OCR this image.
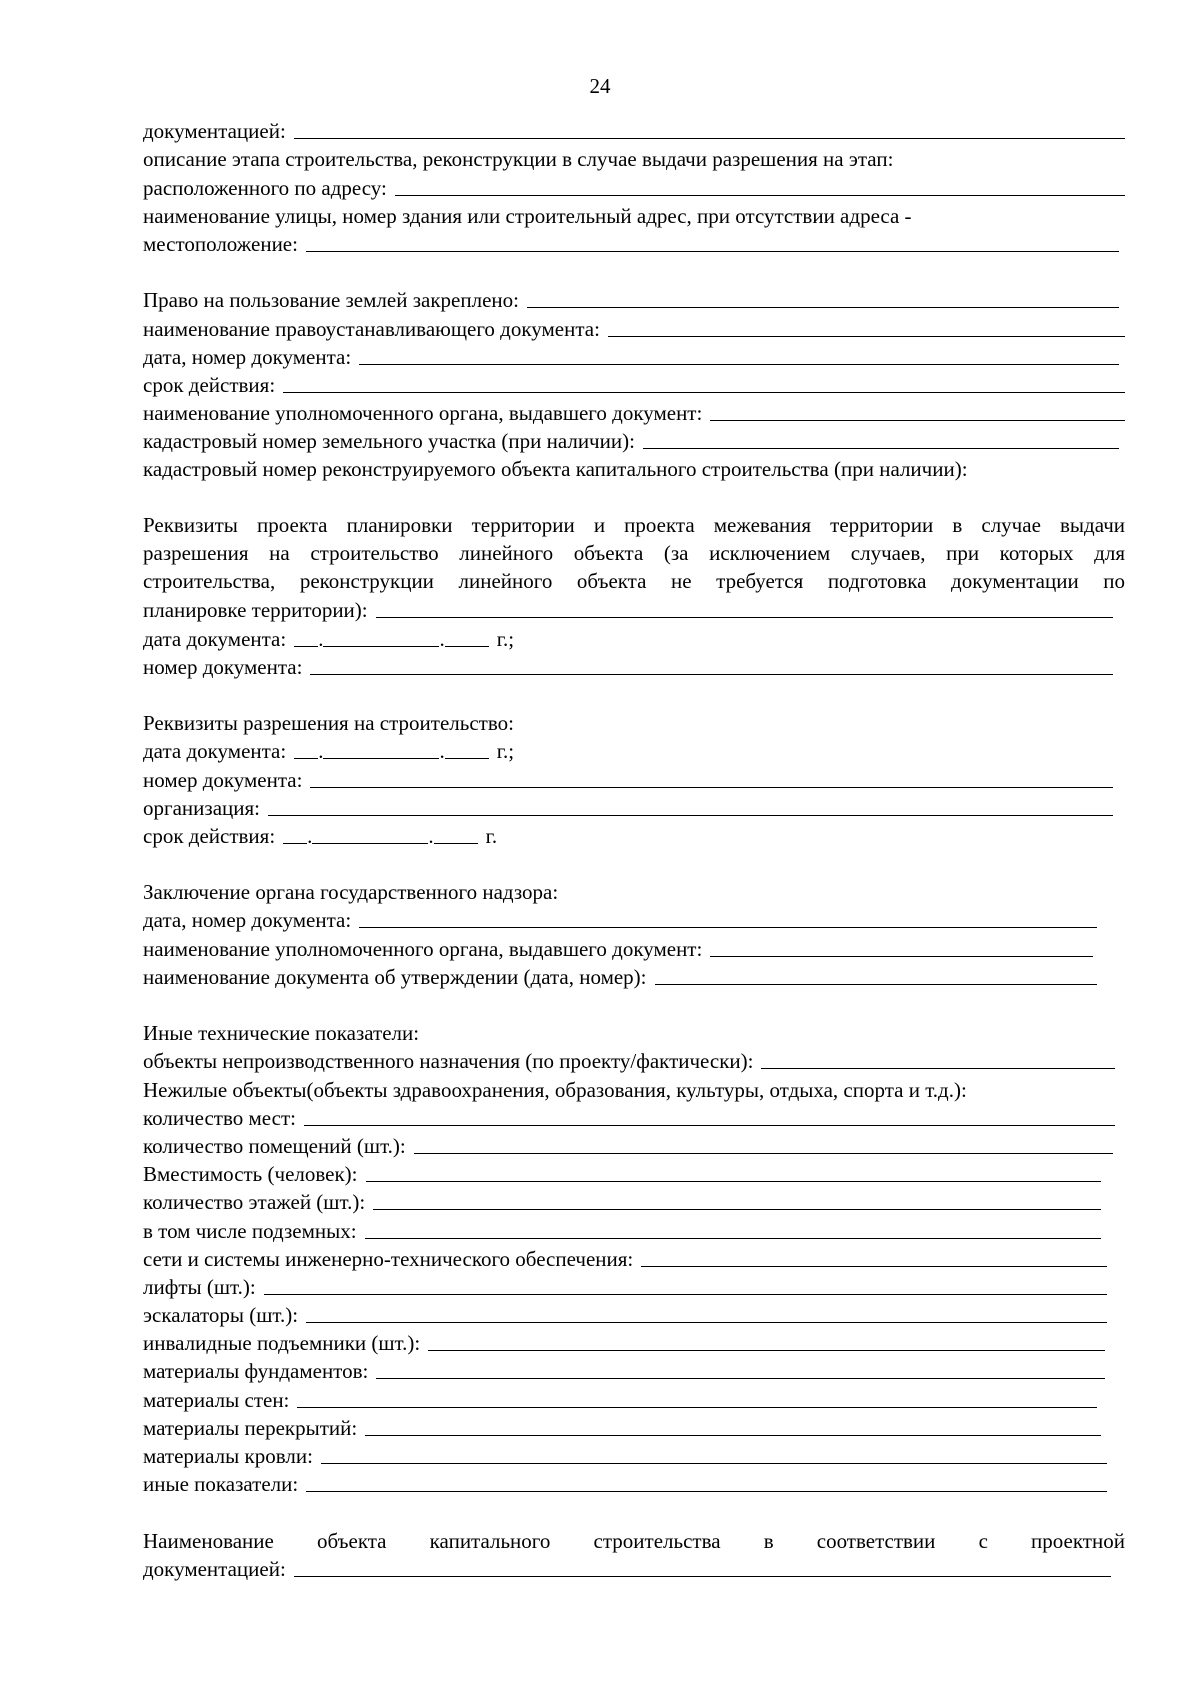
24
документацией:
описание этапа строительства, реконструкции в случае выдачи разрешения на этап:
расположенного по адресу:
наименование улицы, номер здания или строительный адрес, при отсутствии адреса -
местоположение:
Право на пользование землей закреплено:
наименование правоустанавливающего документа:
дата, номер документа:
срок действия:
наименование уполномоченного органа, выдавшего документ:
кадастровый номер земельного участка (при наличии):
кадастровый номер реконструируемого объекта капитального строительства (при наличии):
Реквизиты проекта планировки территории и проекта межевания территории в случае выдачи
разрешения на строительство линейного объекта (за исключением случаев, при которых для
строительства, реконструкции линейного объекта не требуется подготовка документации по
планировке территории):
дата документа: .	. г.;
номер документа:
Реквизиты разрешения на строительство:
дата документа: .	. г.;
номер документа:
организация:
срок действия: .	. г.
Заключение органа государственного надзора:
дата, номер документа:
наименование уполномоченного органа, выдавшего документ:
наименование документа об утверждении (дата, номер):
Иные технические показатели:
объекты непроизводственного назначения (по проекту/фактически):
Нежилые объекты(объекты здравоохранения, образования, культуры, отдыха, спорта и т.д.):
количество мест:
количество помещений (шт.):
Вместимость (человек):
количество этажей (шт.):
в том числе подземных:
сети и системы инженерно-технического обеспечения:
лифты (шт.):
эскалаторы (шт.):
инвалидные подъемники (шт.):
материалы фундаментов:
материалы стен:
материалы перекрытий:
материалы кровли:
иные показатели:
Наименование объекта капитального строительства в соответствии с проектной
документацией:
